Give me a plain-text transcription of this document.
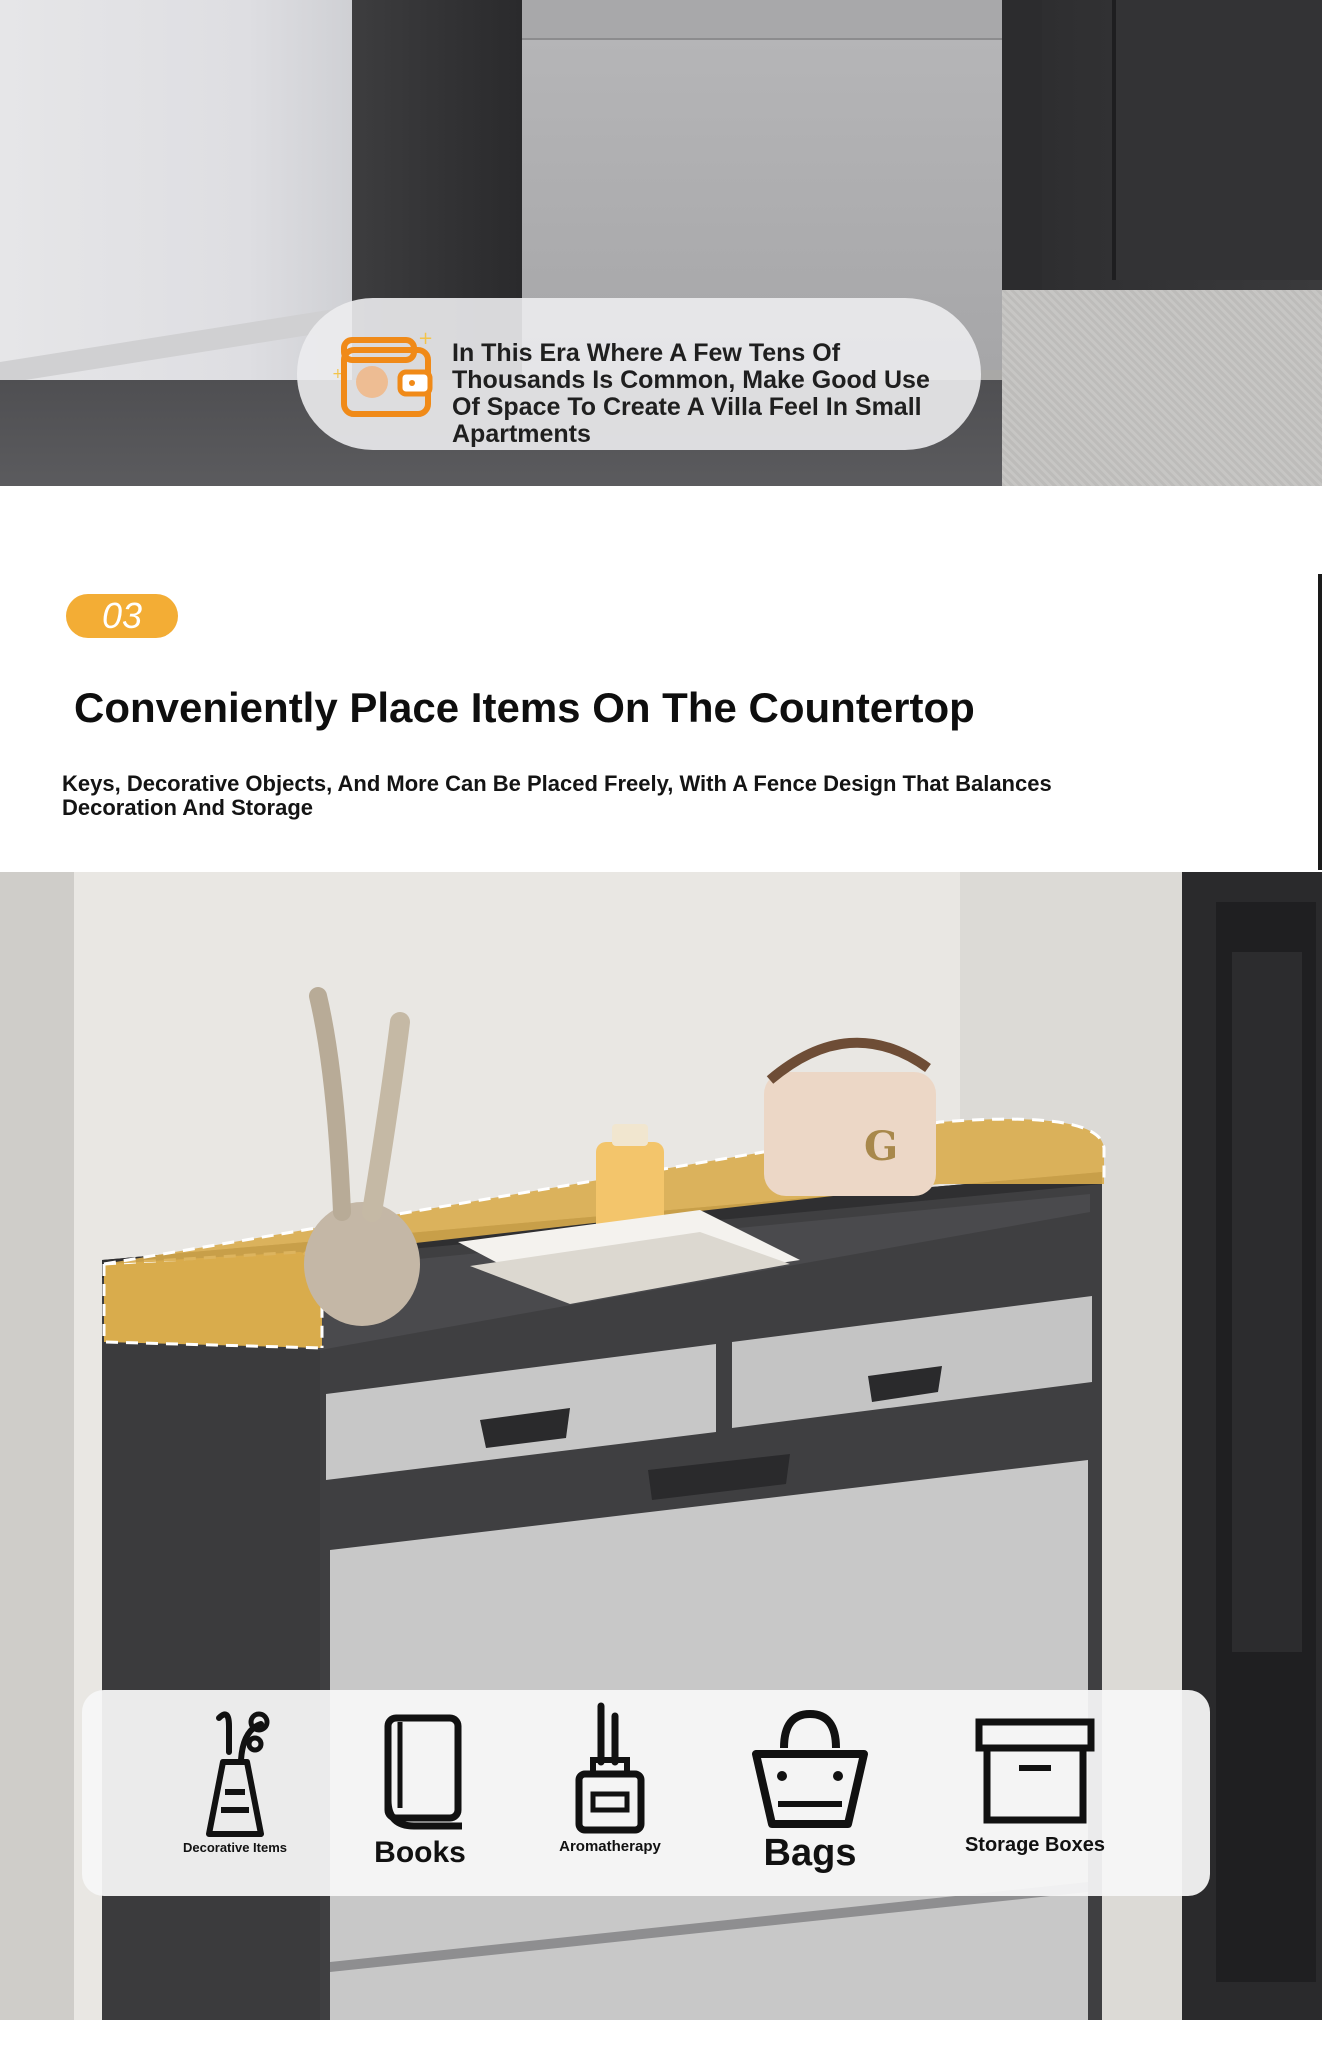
+
+

In This Era Where A Few Tens Of Thousands Is Common, Make Good Use Of Space To Create A Villa Feel In Small Apartments

03
Conveniently Place Items On The Countertop

Keys, Decorative Objects, And More Can Be Placed Freely, With A Fence Design That Balances Decoration And Storage

G
Decorative Items	Books	Aromatherapy	Bags	Storage Boxes
